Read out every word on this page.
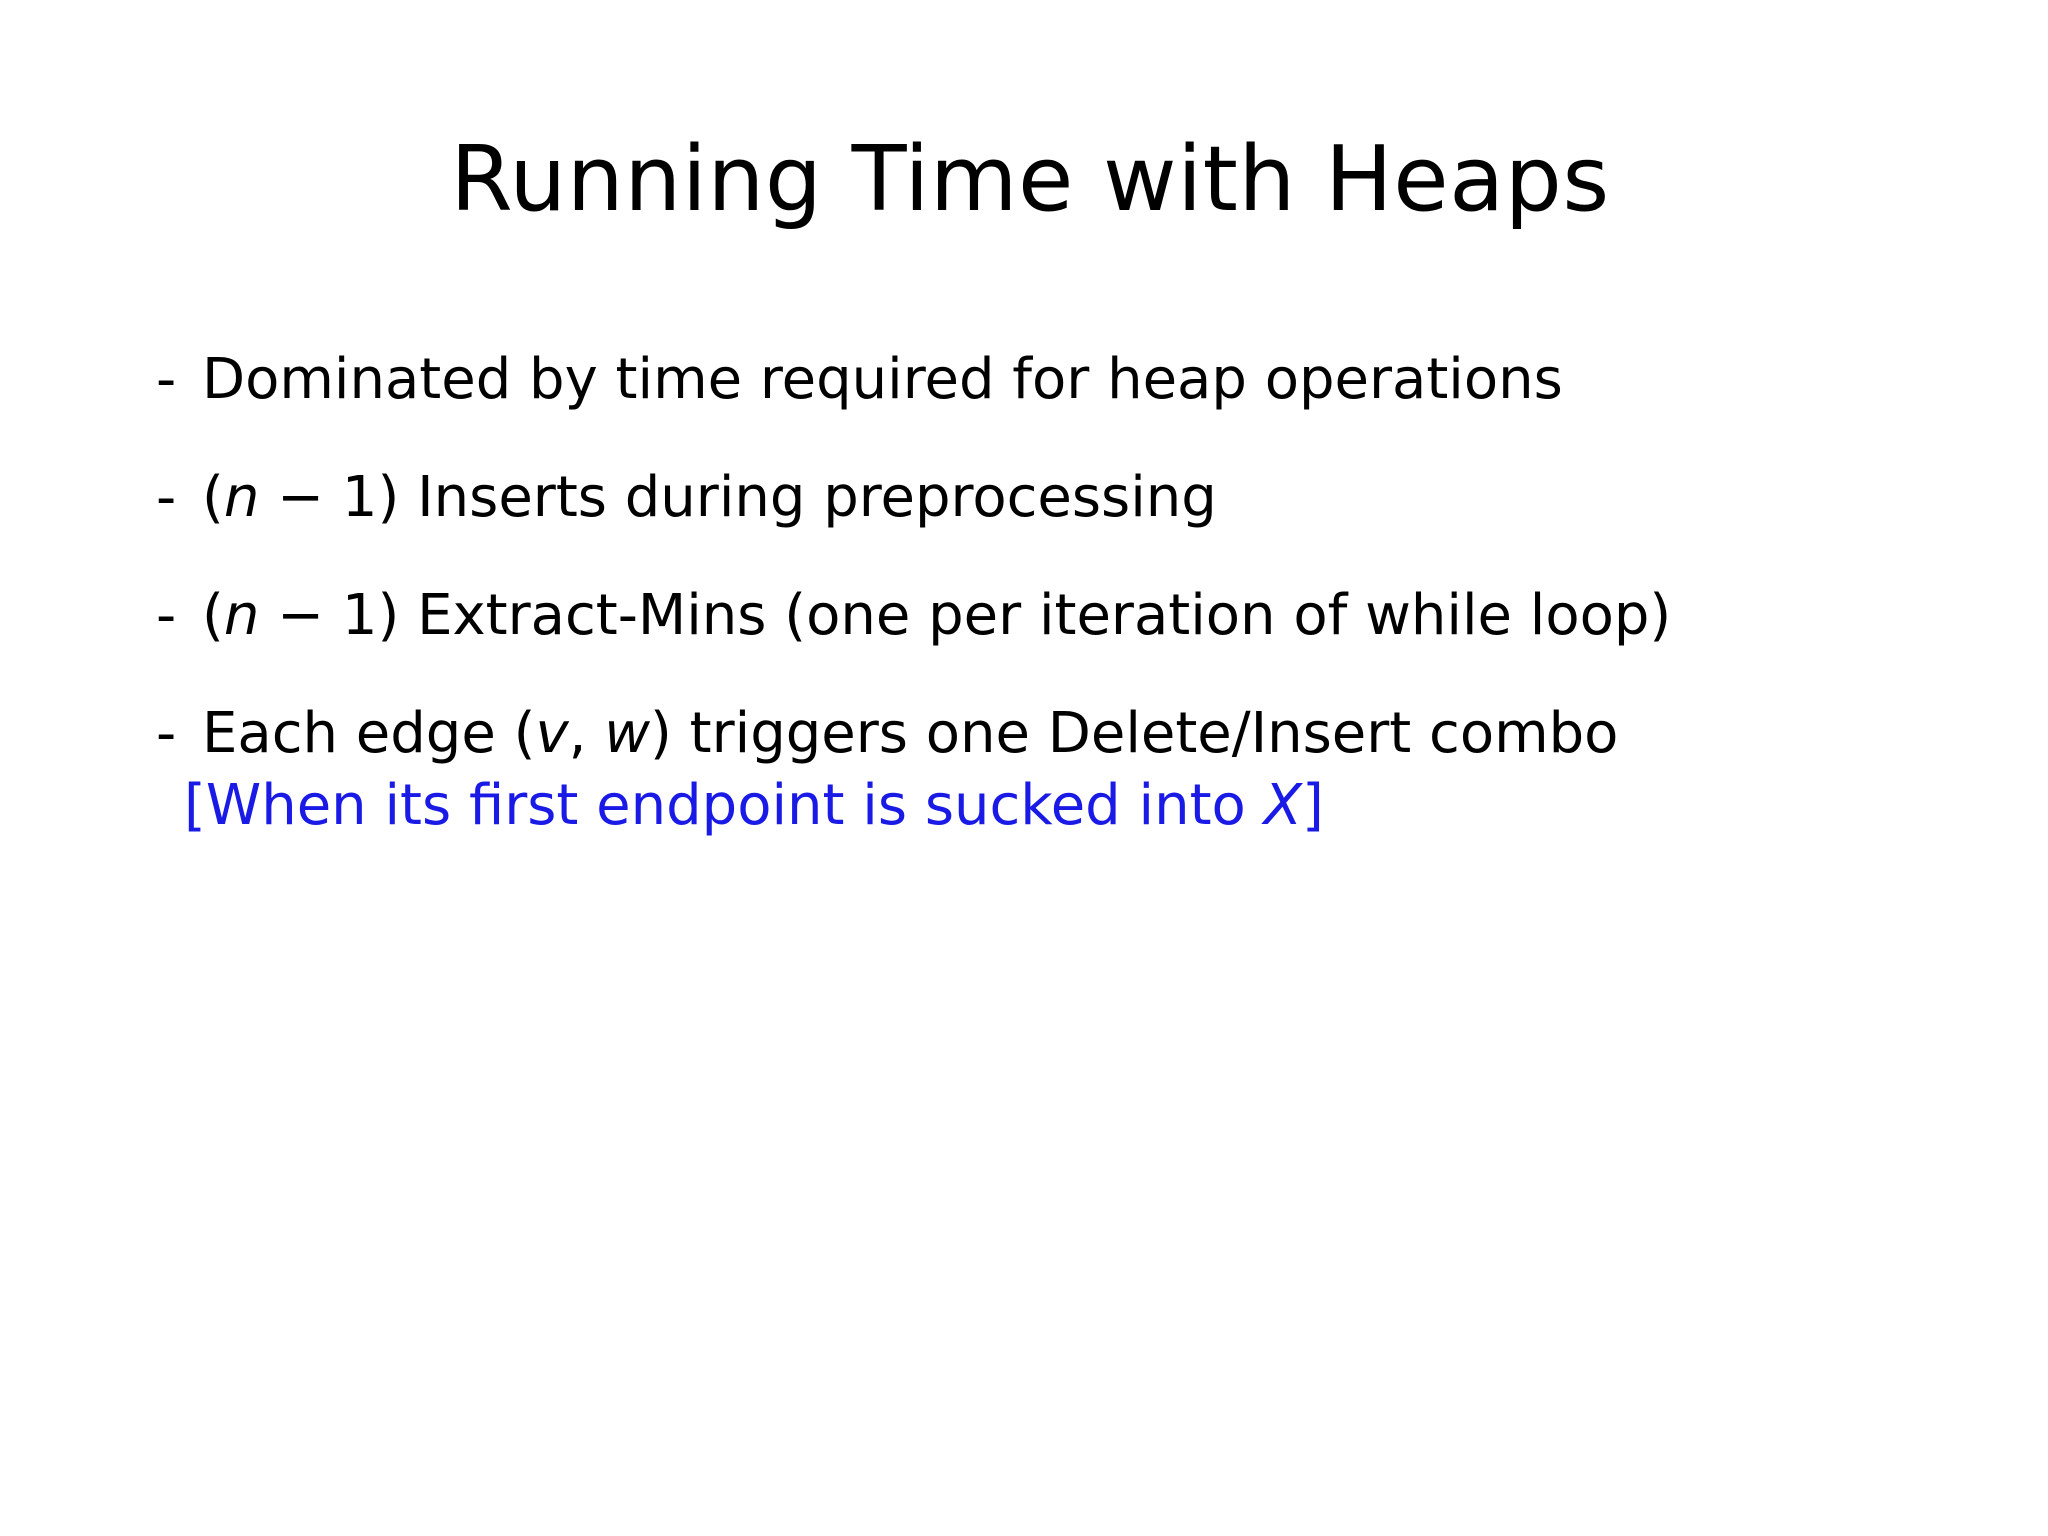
Running Time with Heaps
- Dominated by time required for heap operations
- (n − 1) Inserts during preprocessing
- (n − 1) Extract-Mins (one per iteration of while loop)
- Each edge (v, w) triggers one Delete/Insert combo
[When its first endpoint is sucked into X]
